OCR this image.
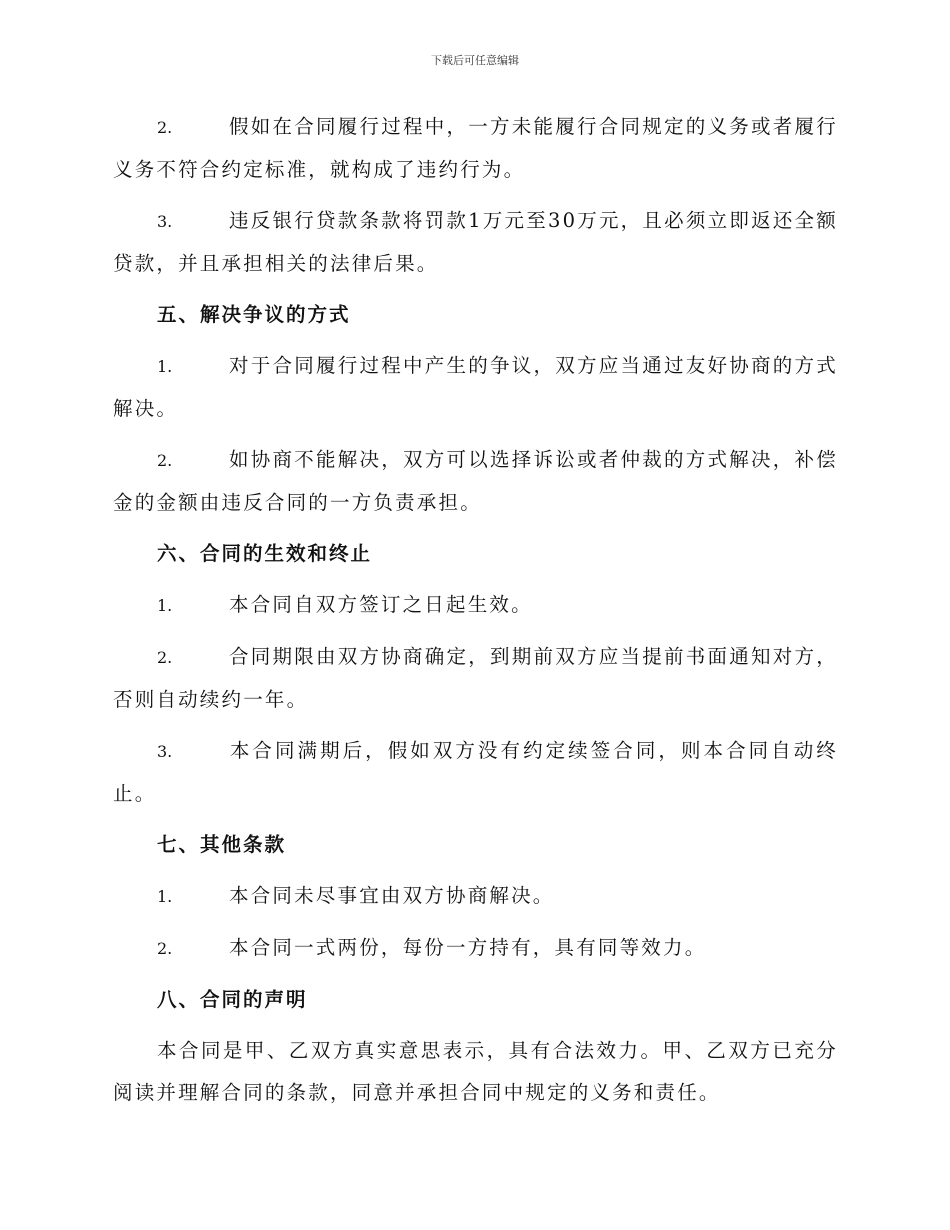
下载后可任意编辑

2.	假如在合同履行过程中，一方未能履行合同规定的义务或者履行义务不符合约定标准，就构成了违约行为。

3.	违反银行贷款条款将罚款1万元至30万元，且必须立即返还全额贷款，并且承担相关的法律后果。

五、解决争议的方式

1.	对于合同履行过程中产生的争议，双方应当通过友好协商的方式解决。

2.	如协商不能解决，双方可以选择诉讼或者仲裁的方式解决，补偿金的金额由违反合同的一方负责承担。

六、合同的生效和终止

1.	本合同自双方签订之日起生效。

2.	合同期限由双方协商确定，到期前双方应当提前书面通知对方，否则自动续约一年。

3.	本合同满期后，假如双方没有约定续签合同，则本合同自动终止。

七、其他条款

1.	本合同未尽事宜由双方协商解决。

2.	本合同一式两份，每份一方持有，具有同等效力。

八、合同的声明

本合同是甲、乙双方真实意思表示，具有合法效力。甲、乙双方已充分阅读并理解合同的条款，同意并承担合同中规定的义务和责任。
